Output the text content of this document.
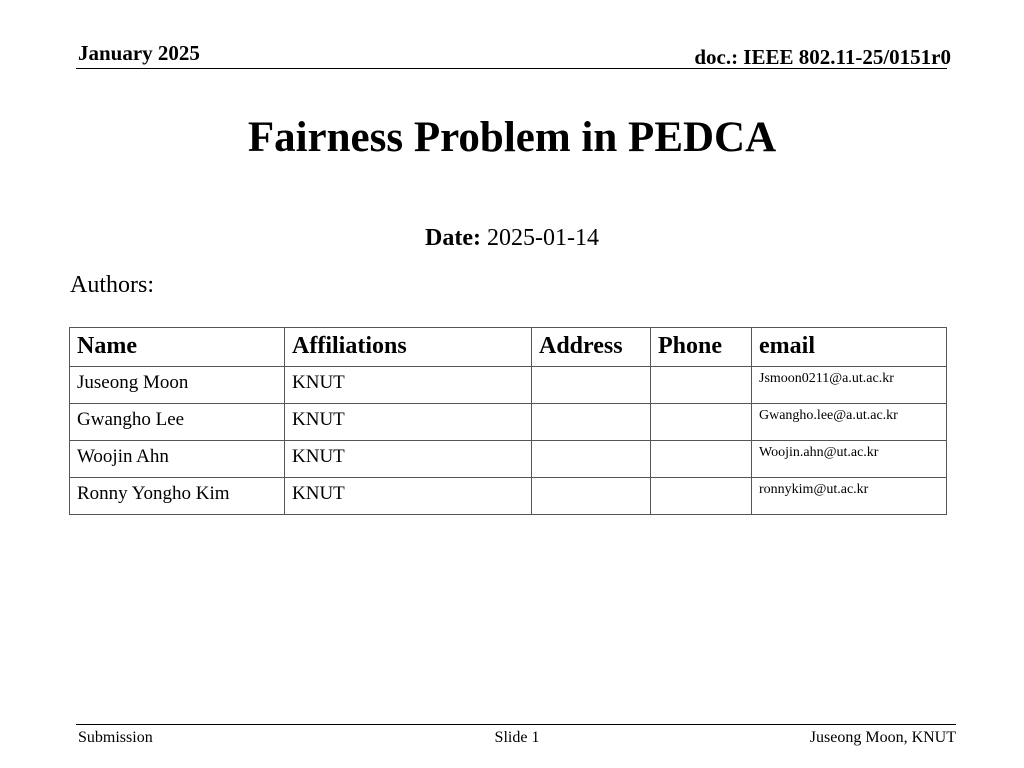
January 2025	doc.: IEEE 802.11-25/0151r0
Fairness Problem in PEDCA
Date: 2025-01-14
Authors:
Name	Affiliations	Address	Phone	email
Juseong Moon	KNUT			Jsmoon0211@a.ut.ac.kr
Gwangho Lee	KNUT			Gwangho.lee@a.ut.ac.kr
Woojin Ahn	KNUT			Woojin.ahn@ut.ac.kr
Ronny Yongho Kim	KNUT			ronnykim@ut.ac.kr
Submission	Slide 1	Juseong Moon, KNUT
